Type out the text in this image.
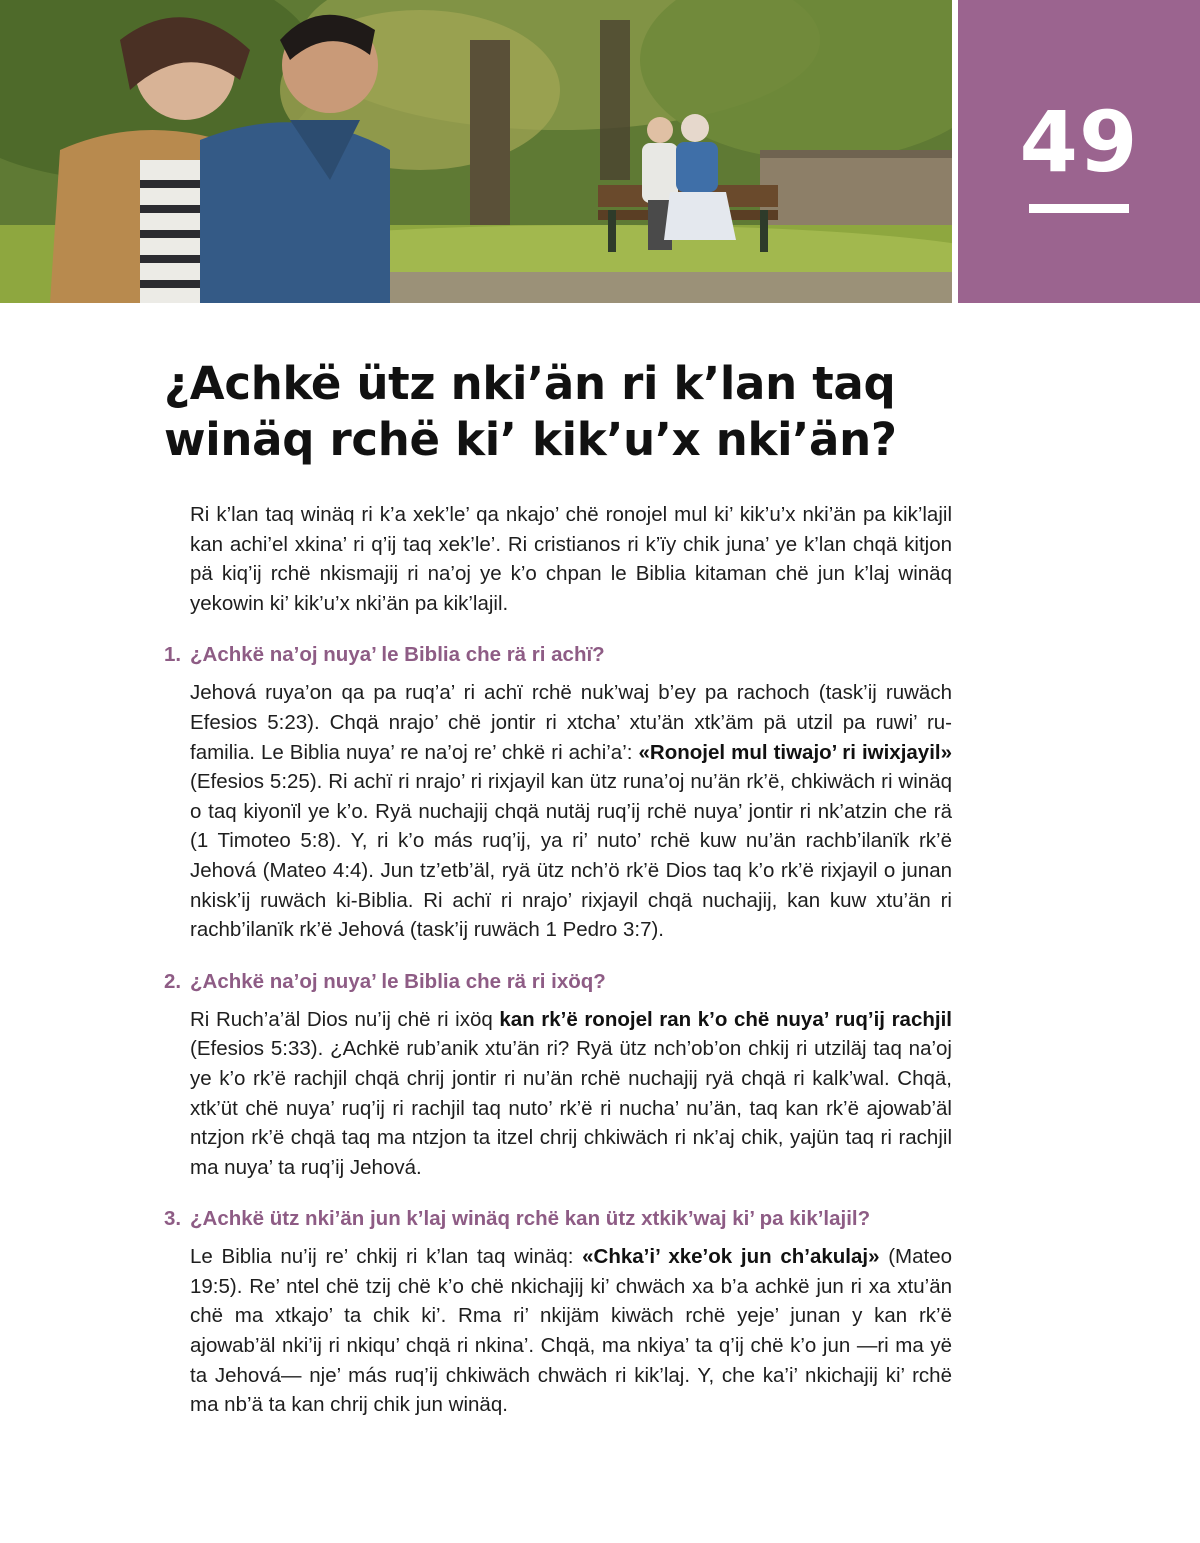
49
¿Achkë ütz nki’än ri k’lan taq
winäq rchë ki’ kik’u’x nki’än?

Ri k’lan taq winäq ri k’a xek’le’ qa nkajo’ chë ronojel mul ki’ kik’u’x nki’än pa kik’lajil kan achi’el xkina’ ri q’ij taq xek’le’. Ri cristianos ri k’ïy chik juna’ ye k’lan chqä kitjon pä kiq’ij rchë nkismajij ri na’oj ye k’o chpan le Biblia kitaman chë jun k’laj winäq yekowin ki’ kik’u’x nki’än pa kik’lajil.

1. ¿Achkë na’oj nuya’ le Biblia che rä ri achï?

Jehová ruya’on qa pa ruq’a’ ri achï rchë nuk’waj b’ey pa rachoch (task’ij ruwäch Efesios 5:23). Chqä nrajo’ chë jontir ri xtcha’ xtu’än xtk’äm pä utzil pa ruwi’ ru-familia. Le Biblia nuya’ re na’oj re’ chkë ri achi’a’: «Ronojel mul tiwajo’ ri iwixjayil» (Efesios 5:25). Ri achï ri nrajo’ ri rixjayil kan ütz runa’oj nu’än rk’ë, chkiwäch ri winäq o taq kiyonïl ye k’o. Ryä nuchajij chqä nutäj ruq’ij rchë nuya’ jontir ri nk’atzin che rä (1 Timoteo 5:8). Y, ri k’o más ruq’ij, ya ri’ nuto’ rchë kuw nu’än rachb’ilanïk rk’ë Jehová (Mateo 4:4). Jun tz’etb’äl, ryä ütz nch’ö rk’ë Dios taq k’o rk’ë rixjayil o junan nkisk’ij ruwäch ki-Biblia. Ri achï ri nrajo’ rixjayil chqä nuchajij, kan kuw xtu’än ri rachb’ilanïk rk’ë Jehová (task’ij ruwäch 1 Pedro 3:7).

2. ¿Achkë na’oj nuya’ le Biblia che rä ri ixöq?

Ri Ruch’a’äl Dios nu’ij chë ri ixöq kan rk’ë ronojel ran k’o chë nuya’ ruq’ij rachjil (Efesios 5:33). ¿Achkë rub’anik xtu’än ri? Ryä ütz nch’ob’on chkij ri utziläj taq na’oj ye k’o rk’ë rachjil chqä chrij jontir ri nu’än rchë nuchajij ryä chqä ri kalk’wal. Chqä, xtk’üt chë nuya’ ruq’ij ri rachjil taq nuto’ rk’ë ri nucha’ nu’än, taq kan rk’ë ajowab’äl ntzjon rk’ë chqä taq ma ntzjon ta itzel chrij chkiwäch ri nk’aj chik, yajün taq ri rachjil ma nuya’ ta ruq’ij Jehová.

3. ¿Achkë ütz nki’än jun k’laj winäq rchë kan ütz xtkik’waj ki’ pa kik’lajil?

Le Biblia nu’ij re’ chkij ri k’lan taq winäq: «Chka’i’ xke’ok jun ch’akulaj» (Mateo 19:5). Re’ ntel chë tzij chë k’o chë nkichajij ki’ chwäch xa b’a achkë jun ri xa xtu’än chë ma xtkajo’ ta chik ki’. Rma ri’ nkijäm kiwäch rchë yeje’ junan y kan rk’ë ajowab’äl nki’ij ri nkiqu’ chqä ri nkina’. Chqä, ma nkiya’ ta q’ij chë k’o jun —ri ma yë ta Jehová— nje’ más ruq’ij chkiwäch chwäch ri kik’laj. Y, che ka’i’ nkichajij ki’ rchë ma nb’ä ta kan chrij chik jun winäq.
